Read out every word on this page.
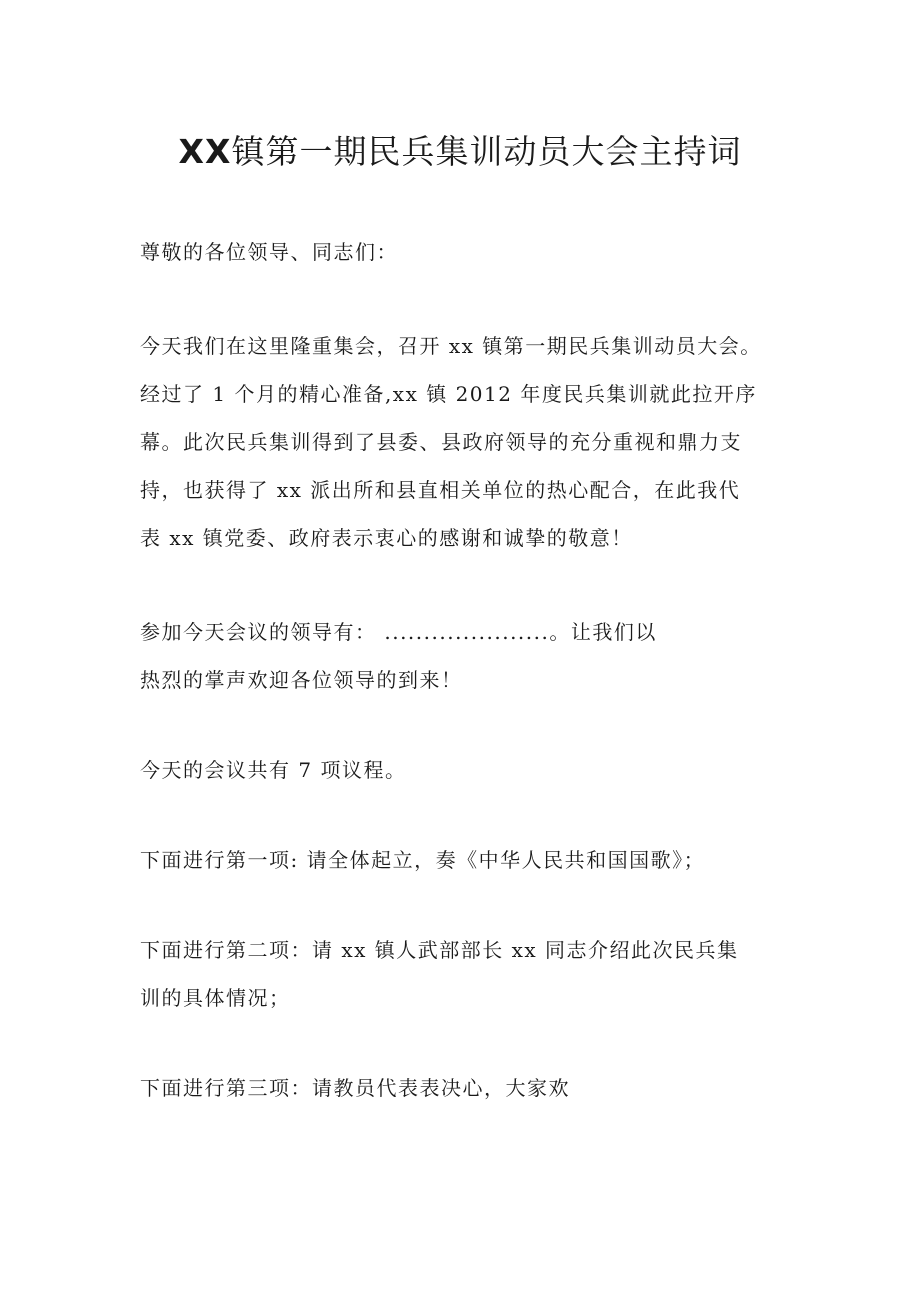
XX镇第一期民兵集训动员大会主持词

尊敬的各位领导、同志们：

今天我们在这里隆重集会，召开 xx 镇第一期民兵集训动员大会。
经过了 1 个月的精心准备,xx 镇 2012 年度民兵集训就此拉开序
幕。此次民兵集训得到了县委、县政府领导的充分重视和鼎力支
持，也获得了 xx 派出所和县直相关单位的热心配合，在此我代
表 xx 镇党委、政府表示衷心的感谢和诚挚的敬意！

参加今天会议的领导有： .....................。让我们以
热烈的掌声欢迎各位领导的到来！

今天的会议共有 7 项议程。

下面进行第一项: 请全体起立，奏《中华人民共和国国歌》；

下面进行第二项：请 xx 镇人武部部长 xx 同志介绍此次民兵集
训的具体情况；

下面进行第三项：请教员代表表决心，大家欢
